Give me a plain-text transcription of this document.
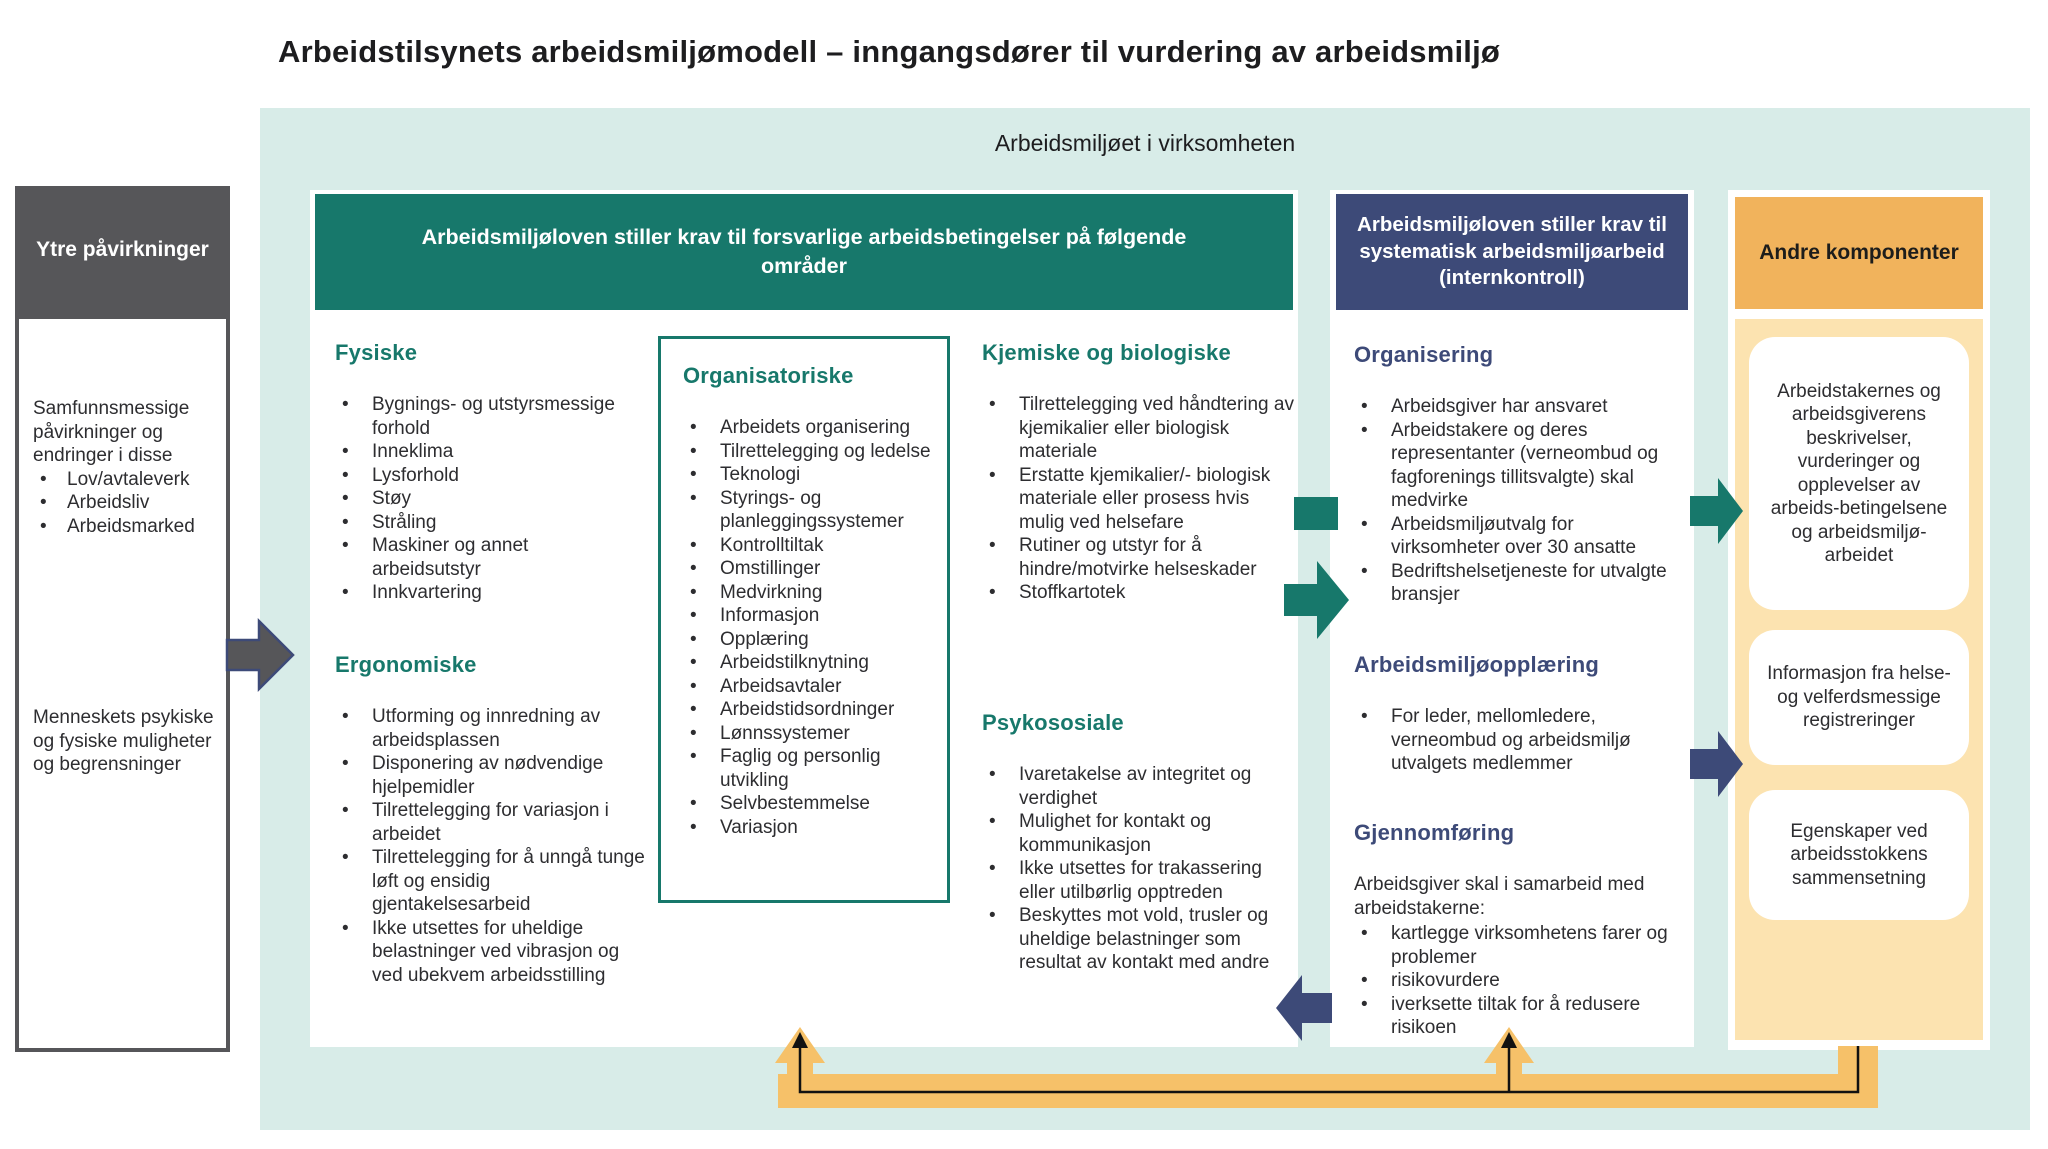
Arbeidstilsynets arbeidsmiljømodell – inngangsdører til vurdering av arbeidsmiljø
Arbeidsmiljøet i virksomheten
Ytre påvirkninger
Samfunnsmessige påvirkninger og endringer i disse
• Lov/avtaleverk
• Arbeidsliv
• Arbeidsmarked
Menneskets psykiske og fysiske muligheter og begrensninger
Arbeidsmiljøloven stiller krav til forsvarlige arbeidsbetingelser på følgende områder
Fysiske
• Bygnings- og utstyrsmessige forhold
• Inneklima
• Lysforhold
• Støy
• Stråling
• Maskiner og annet arbeidsutstyr
• Innkvartering
Ergonomiske
• Utforming og innredning av arbeidsplassen
• Disponering av nødvendige hjelpemidler
• Tilrettelegging for variasjon i arbeidet
• Tilrettelegging for å unngå tunge løft og ensidig gjentakelsesarbeid
• Ikke utsettes for uheldige belastninger ved vibrasjon og ved ubekvem arbeidsstilling
Organisatoriske
• Arbeidets organisering
• Tilrettelegging og ledelse
• Teknologi
• Styrings- og planleggingssystemer
• Kontrolltiltak
• Omstillinger
• Medvirkning
• Informasjon
• Opplæring
• Arbeidstilknytning
• Arbeidsavtaler
• Arbeidstidsordninger
• Lønnssystemer
• Faglig og personlig utvikling
• Selvbestemmelse
• Variasjon
Kjemiske og biologiske
• Tilrettelegging ved håndtering av kjemikalier eller biologisk materiale
• Erstatte kjemikalier/- biologisk materiale eller prosess hvis mulig ved helsefare
• Rutiner og utstyr for å hindre/motvirke helseskader
• Stoffkartotek
Psykososiale
• Ivaretakelse av integritet og verdighet
• Mulighet for kontakt og kommunikasjon
• Ikke utsettes for trakassering eller utilbørlig opptreden
• Beskyttes mot vold, trusler og uheldige belastninger som resultat av kontakt med andre
Arbeidsmiljøloven stiller krav til systematisk arbeidsmiljøarbeid (internkontroll)
Organisering
• Arbeidsgiver har ansvaret
• Arbeidstakere og deres representanter (verneombud og fagforenings tillitsvalgte) skal medvirke
• Arbeidsmiljøutvalg for virksomheter over 30 ansatte
• Bedriftshelsetjeneste for utvalgte bransjer
Arbeidsmiljøopplæring
• For leder, mellomledere, verneombud og arbeidsmiljø utvalgets medlemmer
Gjennomføring

Arbeidsgiver skal i samarbeid med arbeidstakerne:

• kartlegge virksomhetens farer og problemer
• risikovurdere
• iverksette tiltak for å redusere risikoen
Andre komponenter
Arbeidstakernes og arbeidsgiverens beskrivelser, vurderinger og opplevelser av arbeids-betingelsene og arbeidsmiljø-arbeidet
Informasjon fra helse- og velferdsmessige registreringer
Egenskaper ved arbeidsstokkens sammensetning
